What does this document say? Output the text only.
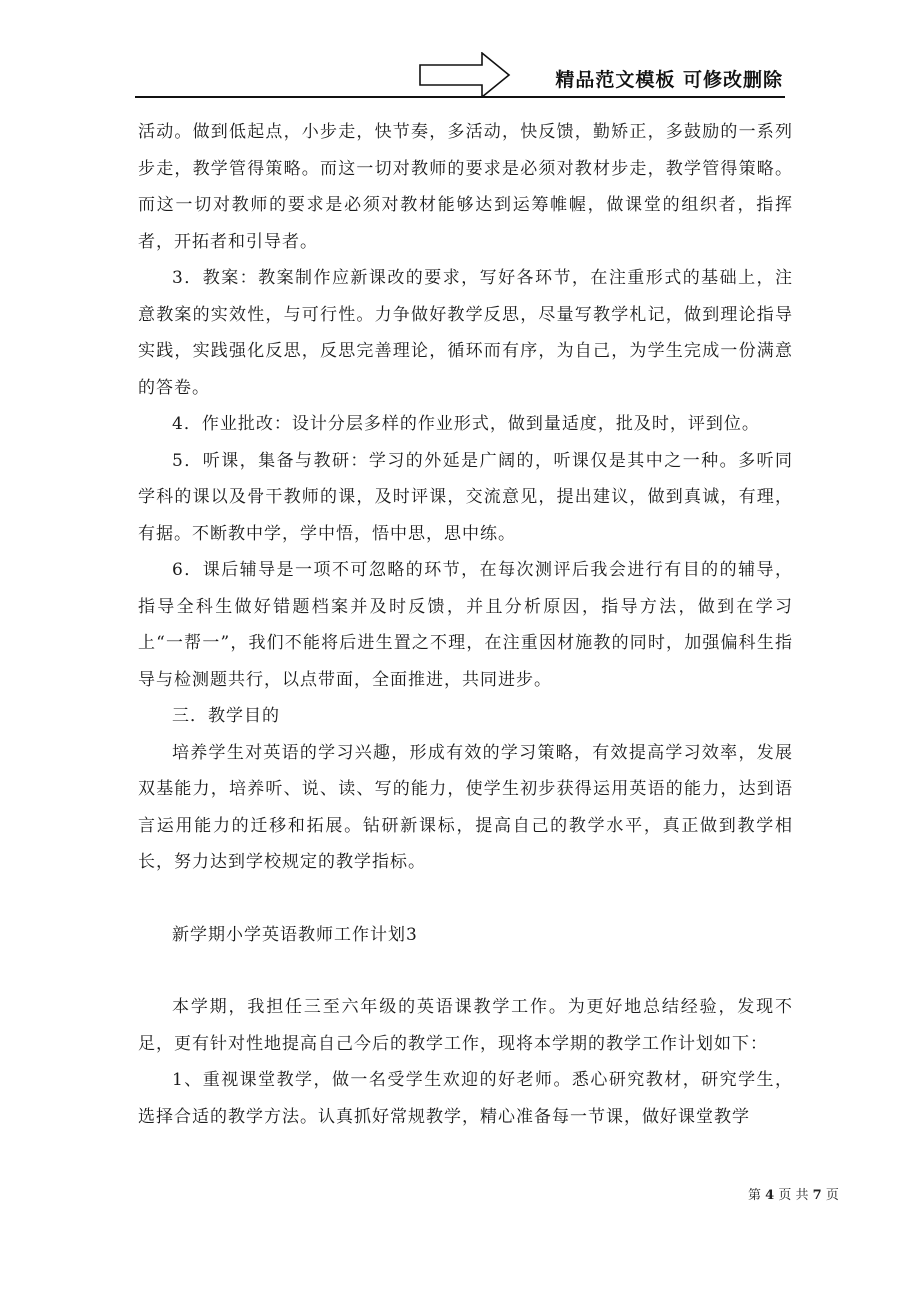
精品范文模板 可修改删除

活动。做到低起点，小步走，快节奏，多活动，快反馈，勤矫正，多鼓励的一系列步走，教学管得策略。而这一切对教师的要求是必须对教材步走，教学管得策略。而这一切对教师的要求是必须对教材能够达到运筹帷幄，做课堂的组织者，指挥者，开拓者和引导者。

3．教案：教案制作应新课改的要求，写好各环节，在注重形式的基础上，注意教案的实效性，与可行性。力争做好教学反思，尽量写教学札记，做到理论指导实践，实践强化反思，反思完善理论，循环而有序，为自己，为学生完成一份满意的答卷。

4．作业批改：设计分层多样的作业形式，做到量适度，批及时，评到位。

5．听课，集备与教研：学习的外延是广阔的，听课仅是其中之一种。多听同学科的课以及骨干教师的课，及时评课，交流意见，提出建议，做到真诚，有理，有据。不断教中学，学中悟，悟中思，思中练。

6．课后辅导是一项不可忽略的环节，在每次测评后我会进行有目的的辅导，指导全科生做好错题档案并及时反馈，并且分析原因，指导方法，做到在学习上“一帮一”，我们不能将后进生置之不理，在注重因材施教的同时，加强偏科生指导与检测题共行，以点带面，全面推进，共同进步。

三．教学目的

培养学生对英语的学习兴趣，形成有效的学习策略，有效提高学习效率，发展双基能力，培养听、说、读、写的能力，使学生初步获得运用英语的能力，达到语言运用能力的迁移和拓展。钻研新课标，提高自己的教学水平，真正做到教学相长，努力达到学校规定的教学指标。

新学期小学英语教师工作计划3

本学期，我担任三至六年级的英语课教学工作。为更好地总结经验，发现不足，更有针对性地提高自己今后的教学工作，现将本学期的教学工作计划如下：

1、重视课堂教学，做一名受学生欢迎的好老师。悉心研究教材，研究学生，选择合适的教学方法。认真抓好常规教学，精心准备每一节课，做好课堂教学

第 4 页 共 7 页
